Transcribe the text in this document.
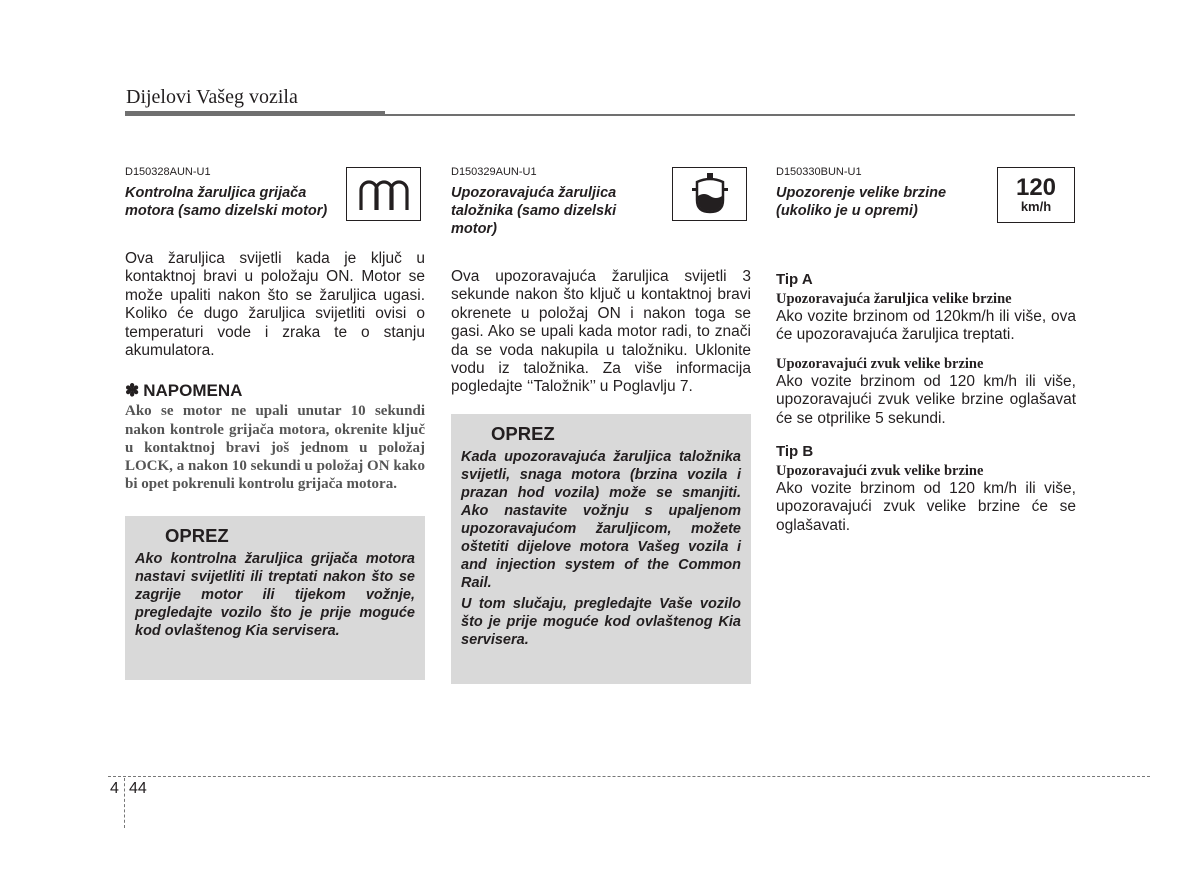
Dijelovi Vašeg vozila
D150328AUN-U1
Kontrolna žaruljica grijača motora (samo dizelski motor)

Ova žaruljica svijetli kada je ključ u kontaktnoj bravi u položaju ON. Motor se može upaliti nakon što se žaruljica ugasi. Koliko će dugo žaruljica svijetliti ovisi o temperaturi vode i zraka te o stanju akumulatora.

✽ NAPOMENA

Ako se motor ne upali unutar 10 sekundi nakon kontrole grijača motora, okrenite ključ u kontaktnoj bravi još jednom u položaj LOCK, a nakon 10 sekundi u položaj ON kako bi opet pokrenuli kontrolu grijača motora.

OPREZ

Ako kontrolna žaruljica grijača motora nastavi svijetliti ili treptati nakon što se zagrije motor ili tijekom vožnje, pregledajte vozilo što je prije moguće kod ovlaštenog Kia servisera.

D150329AUN-U1
Upozoravajuća žaruljica taložnika (samo dizelski motor)

Ova upozoravajuća žaruljica svijetli 3 sekunde nakon što ključ u kontaktnoj bravi okrenete u položaj ON i nakon toga se gasi. Ako se upali kada motor radi, to znači da se voda nakupila u taložniku. Uklonite vodu iz taložnika. Za više informacija pogledajte ‘‘Taložnik’’ u Poglavlju 7.

OPREZ

Kada upozoravajuća žaruljica taložnika svijetli, snaga motora (brzina vozila i prazan hod vozila) može se smanjiti. Ako nastavite vožnju s upaljenom upozoravajućom žaruljicom, možete oštetiti dijelove motora Vašeg vozila i and injection system of the Common Rail.

U tom slučaju, pregledajte Vaše vozilo što je prije moguće kod ovlaštenog Kia servisera.

D150330BUN-U1
Upozorenje velike brzine (ukoliko je u opremi)
120
km/h
Tip A
Upozoravajuća žaruljica velike brzine

Ako vozite brzinom od 120km/h ili više, ova će upozoravajuća žaruljica treptati.

Upozoravajući zvuk velike brzine

Ako vozite brzinom od 120 km/h ili više, upozoravajući zvuk velike brzine oglašavat će se otprilike 5 sekundi.

Tip B
Upozoravajući zvuk velike brzine

Ako vozite brzinom od 120 km/h ili više, upozoravajući zvuk velike brzine će se oglašavati.

4 44
